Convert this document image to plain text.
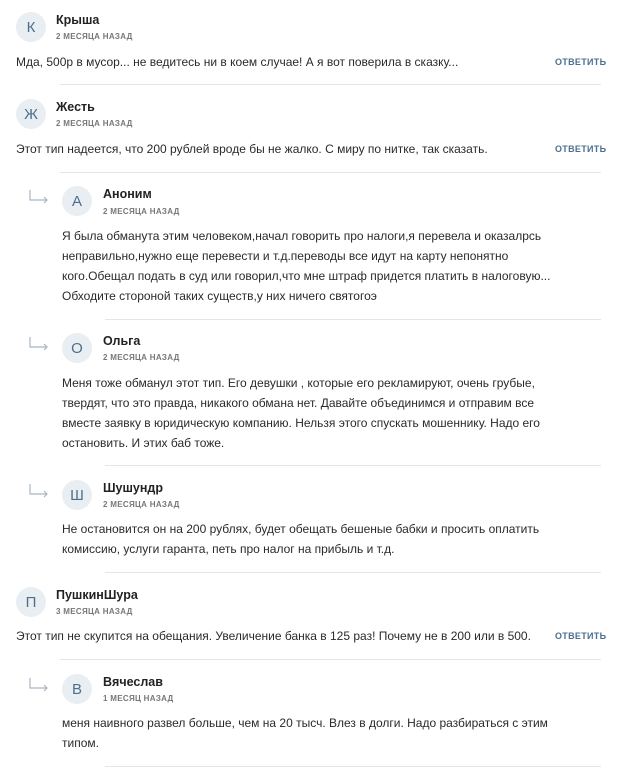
К	Крыша
2 МЕСЯЦА НАЗАД
Мда, 500р в мусор... не ведитесь ни в коем случае! А я вот поверила в сказку...	ОТВЕТИТЬ
Ж	Жесть
2 МЕСЯЦА НАЗАД
Этот тип надеется, что 200 рублей вроде бы не жалко. С миру по нитке, так сказать.	ОТВЕТИТЬ
А	Аноним
2 МЕСЯЦА НАЗАД
Я была обманута этим человеком,начал говорить про налоги,я перевела и оказалрсь
неправильно,нужно еще перевести и т.д.переводы все идут на карту непонятно
кого.Обещал подать в суд или говорил,что мне штраф придется платить в налоговую...
Обходите стороной таких существ,у них ничего святогоэ
О	Ольга
2 МЕСЯЦА НАЗАД
Меня тоже обманул этот тип. Его девушки , которые его рекламируют, очень грубые,
твердят, что это правда, никакого обмана нет. Давайте объединимся и отправим все
вместе заявку в юридическую компанию. Нельзя этого спускать мошеннику. Надо его
остановить. И этих баб тоже.
Ш	Шушундр
2 МЕСЯЦА НАЗАД
Не остановится он на 200 рублях, будет обещать бешеные бабки и просить оплатить
комиссию, услуги гаранта, петь про налог на прибыль и т.д.
П	ПушкинШура
3 МЕСЯЦА НАЗАД
Этот тип не скупится на обещания. Увеличение банка в 125 раз! Почему не в 200 или в 500.	ОТВЕТИТЬ
В	Вячеслав
1 МЕСЯЦ НАЗАД
меня наивного развел больше, чем на 20 тысч. Влез в долги. Надо разбираться с этим
типом.
